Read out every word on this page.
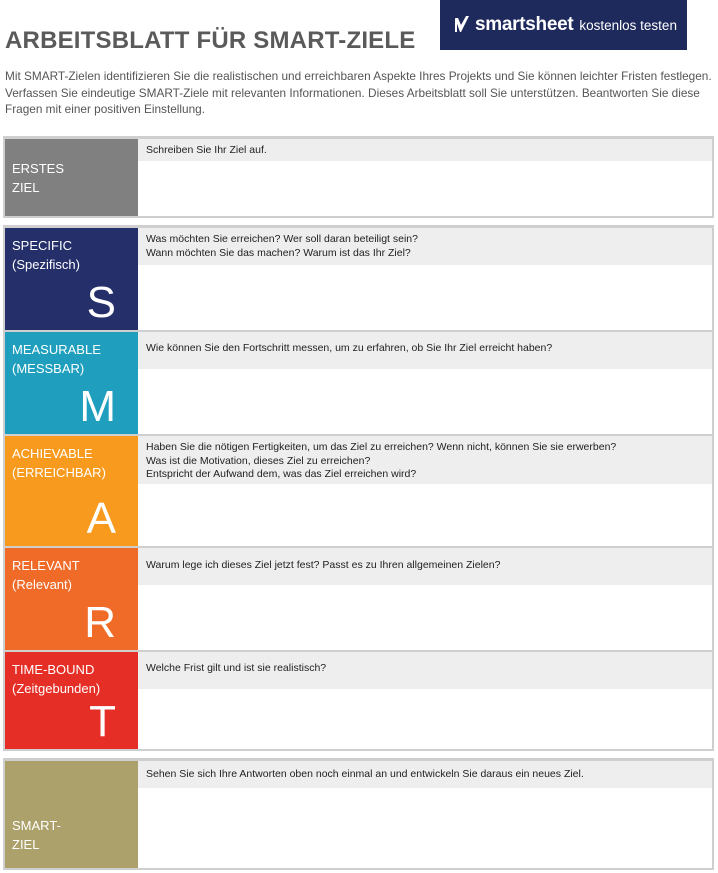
ARBEITSBLATT FÜR SMART-ZIELE
smartsheet kostenlos testen
Mit SMART-Zielen identifizieren Sie die realistischen und erreichbaren Aspekte Ihres Projekts und Sie können leichter Fristen festlegen. Verfassen Sie eindeutige SMART-Ziele mit relevanten Informationen. Dieses Arbeitsblatt soll Sie unterstützen. Beantworten Sie diese Fragen mit einer positiven Einstellung.
ERSTES
ZIEL
Schreiben Sie Ihr Ziel auf.
SPECIFIC
(Spezifisch)
S
Was möchten Sie erreichen? Wer soll daran beteiligt sein?
Wann möchten Sie das machen? Warum ist das Ihr Ziel?
MEASURABLE
(MESSBAR)
M
Wie können Sie den Fortschritt messen, um zu erfahren, ob Sie Ihr Ziel erreicht haben?
ACHIEVABLE
(ERREICHBAR)
A
Haben Sie die nötigen Fertigkeiten, um das Ziel zu erreichen? Wenn nicht, können Sie sie erwerben?
Was ist die Motivation, dieses Ziel zu erreichen?
Entspricht der Aufwand dem, was das Ziel erreichen wird?
RELEVANT
(Relevant)
R
Warum lege ich dieses Ziel jetzt fest? Passt es zu Ihren allgemeinen Zielen?
TIME-BOUND
(Zeitgebunden)
T
Welche Frist gilt und ist sie realistisch?
SMART-
ZIEL
Sehen Sie sich Ihre Antworten oben noch einmal an und entwickeln Sie daraus ein neues Ziel.
